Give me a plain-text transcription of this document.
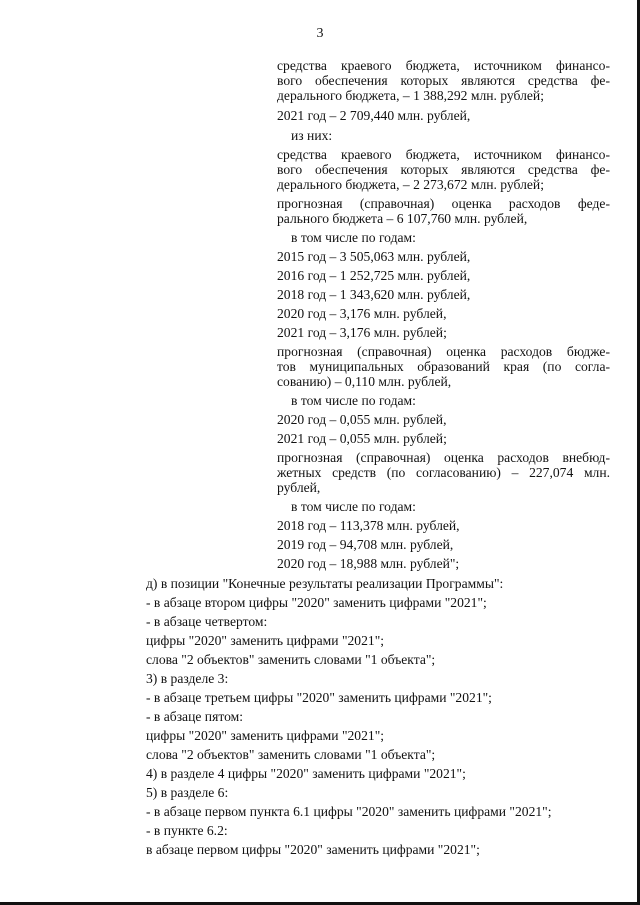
3
средства краевого бюджета, источником финансо-
вого обеспечения которых являются средства фе-
дерального бюджета, – 1 388,292 млн. рублей;
2021 год – 2 709,440 млн. рублей,
из них:
средства краевого бюджета, источником финансо-
вого обеспечения которых являются средства фе-
дерального бюджета, – 2 273,672 млн. рублей;
прогнозная (справочная) оценка расходов феде-
рального бюджета – 6 107,760 млн. рублей,
в том числе по годам:
2015 год – 3 505,063 млн. рублей,
2016 год – 1 252,725 млн. рублей,
2018 год – 1 343,620 млн. рублей,
2020 год – 3,176 млн. рублей,
2021 год – 3,176 млн. рублей;
прогнозная (справочная) оценка расходов бюдже-
тов муниципальных образований края (по согла-
сованию) – 0,110 млн. рублей,
в том числе по годам:
2020 год – 0,055 млн. рублей,
2021 год – 0,055 млн. рублей;
прогнозная (справочная) оценка расходов внебюд-
жетных средств (по согласованию) – 227,074 млн.
рублей,
в том числе по годам:
2018 год – 113,378 млн. рублей,
2019 год – 94,708 млн. рублей,
2020 год – 18,988 млн. рублей";
д) в позиции "Конечные результаты реализации Программы":
- в абзаце втором цифры "2020" заменить цифрами "2021";
- в абзаце четвертом:
цифры "2020" заменить цифрами "2021";
слова "2 объектов" заменить словами "1 объекта";
3) в разделе 3:
- в абзаце третьем цифры "2020" заменить цифрами "2021";
- в абзаце пятом:
цифры "2020" заменить цифрами "2021";
слова "2 объектов" заменить словами "1 объекта";
4) в разделе 4 цифры "2020" заменить цифрами "2021";
5) в разделе 6:
- в абзаце первом пункта 6.1 цифры "2020" заменить цифрами "2021";
- в пункте 6.2:
в абзаце первом цифры "2020" заменить цифрами "2021";
